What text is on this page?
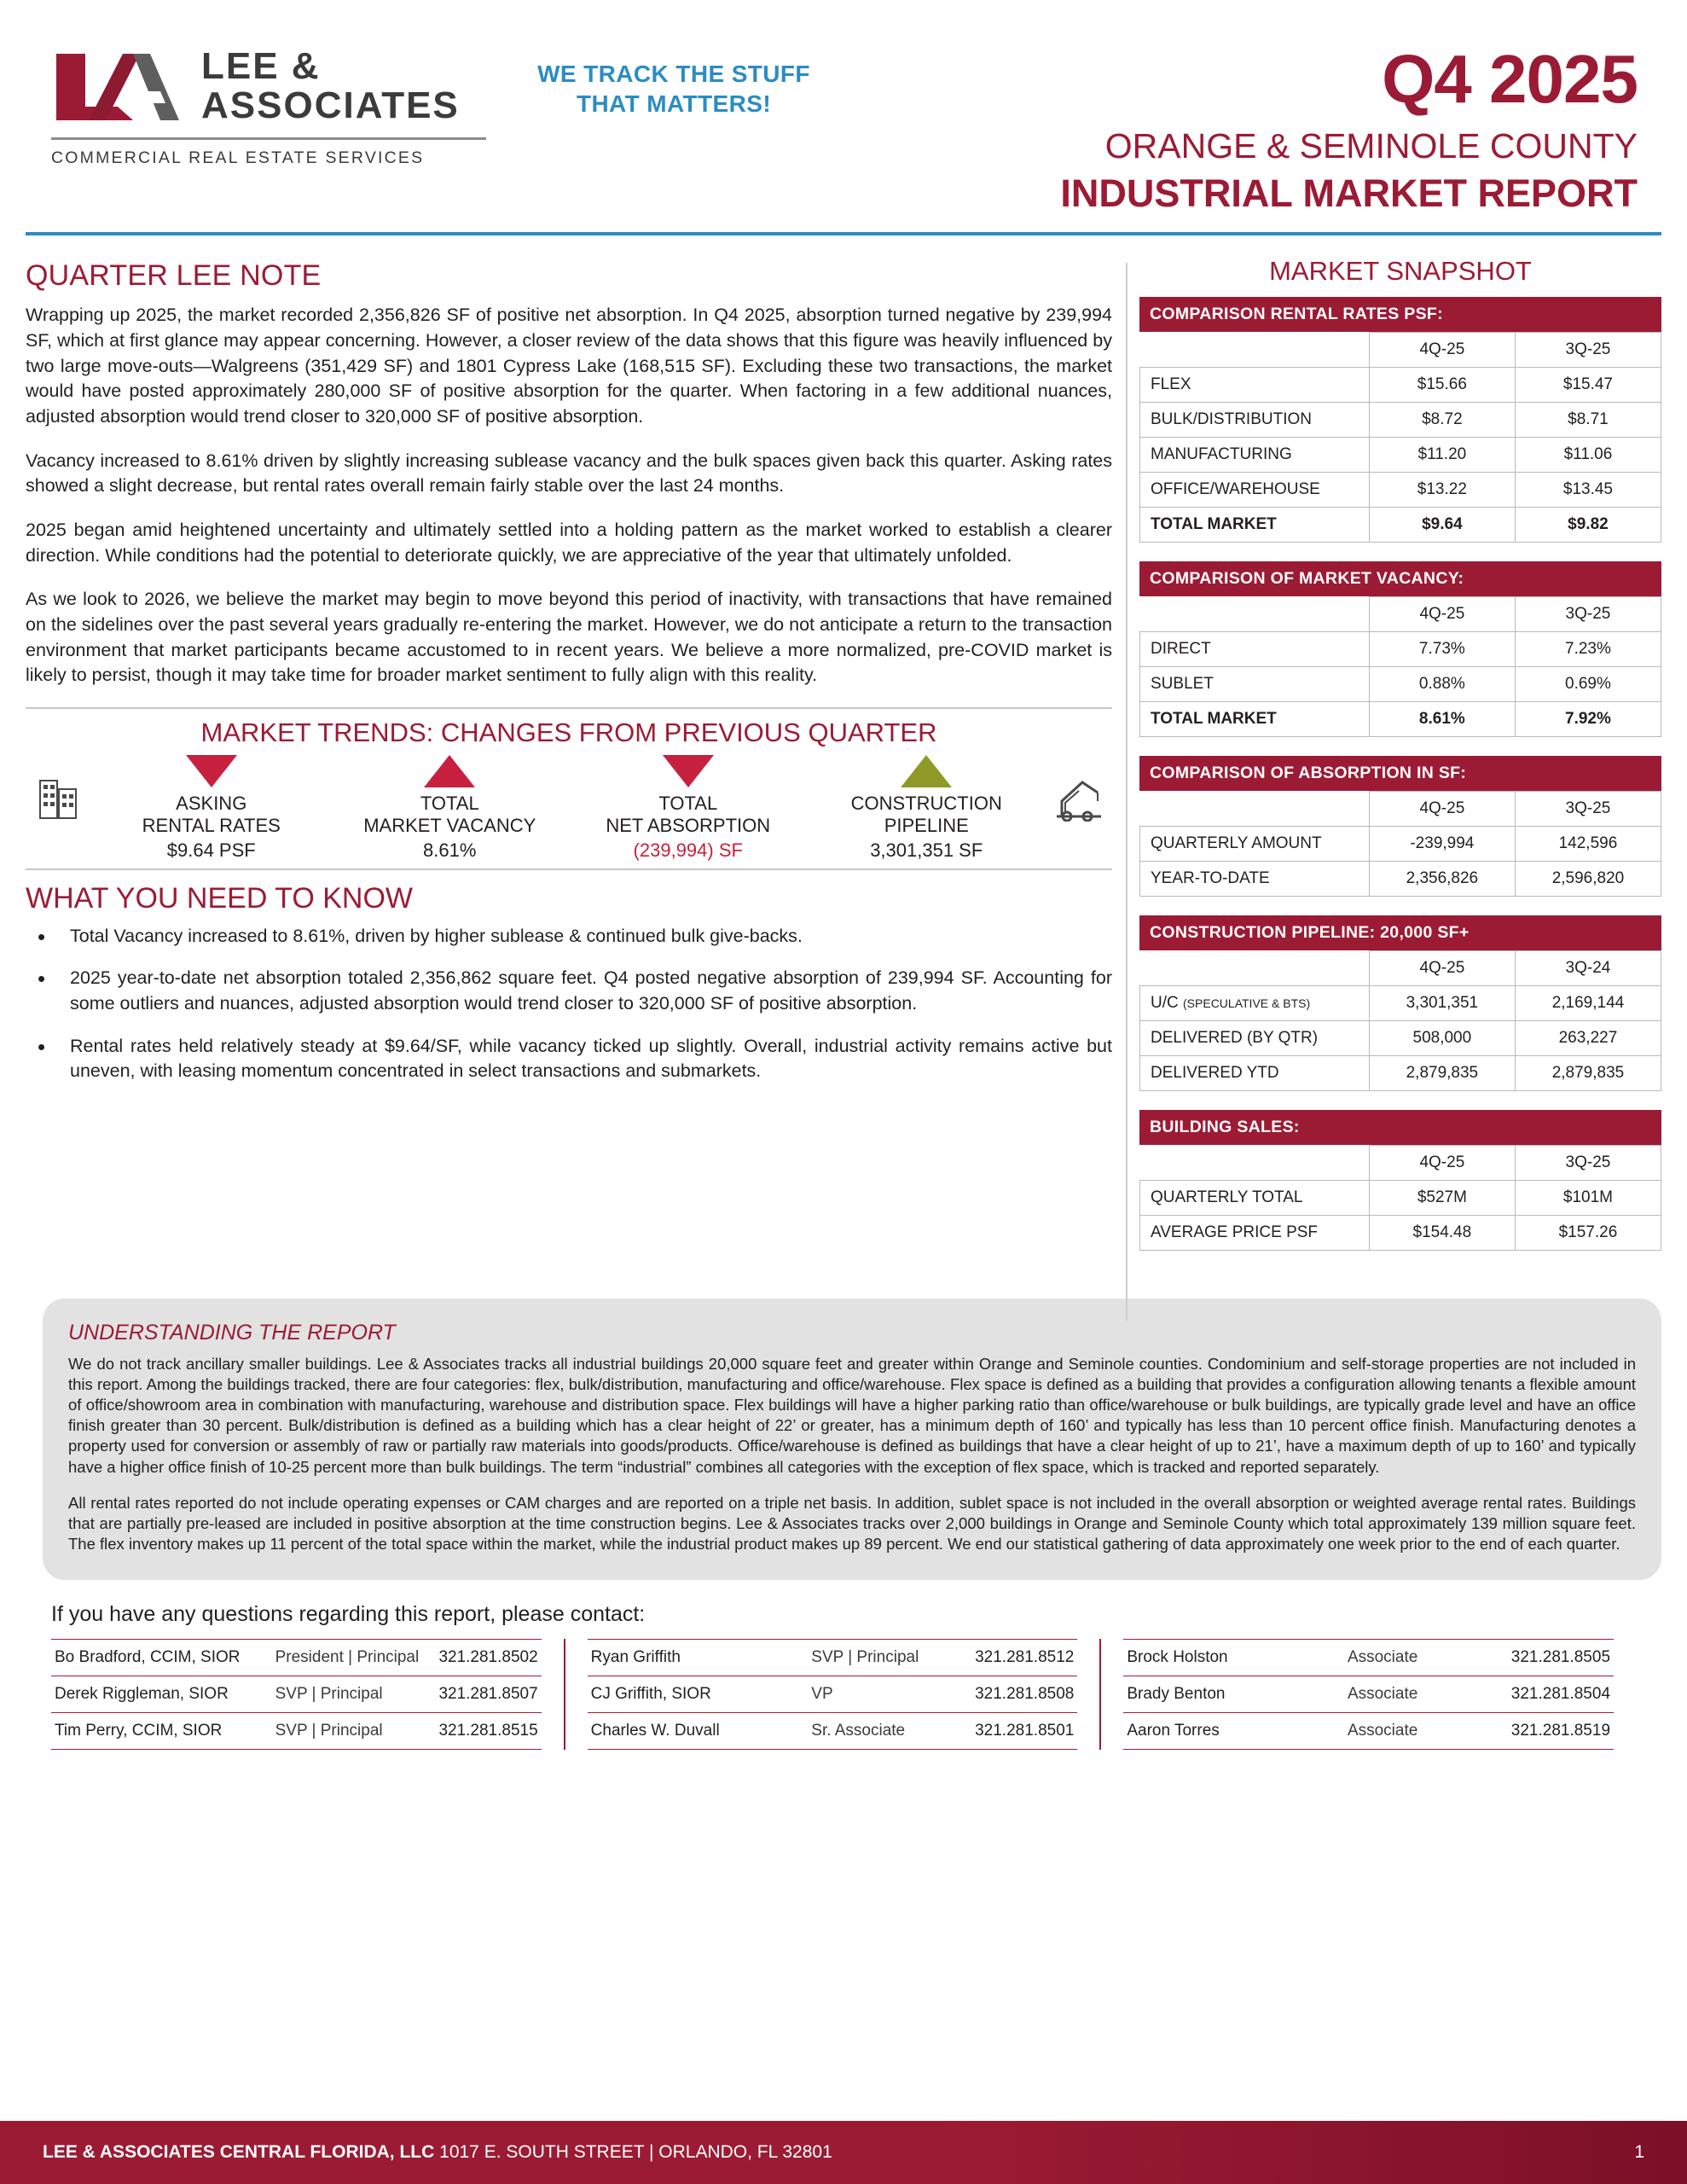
LEE &
ASSOCIATES
COMMERCIAL REAL ESTATE SERVICES
WE TRACK THE STUFF
THAT MATTERS!	Q4 2025
ORANGE & SEMINOLE COUNTY
INDUSTRIAL MARKET REPORT
QUARTER LEE NOTE

Wrapping up 2025, the market recorded 2,356,826 SF of positive net absorption. In Q4 2025, absorption turned negative by 239,994 SF, which at first glance may appear concerning. However, a closer review of the data shows that this figure was heavily influenced by two large move-outs—Walgreens (351,429 SF) and 1801 Cypress Lake (168,515 SF). Excluding these two transactions, the market would have posted approximately 280,000 SF of positive absorption for the quarter. When factoring in a few additional nuances, adjusted absorption would trend closer to 320,000 SF of positive absorption.

Vacancy increased to 8.61% driven by slightly increasing sublease vacancy and the bulk spaces given back this quarter. Asking rates showed a slight decrease, but rental rates overall remain fairly stable over the last 24 months.

2025 began amid heightened uncertainty and ultimately settled into a holding pattern as the market worked to establish a clearer direction. While conditions had the potential to deteriorate quickly, we are appreciative of the year that ultimately unfolded.

As we look to 2026, we believe the market may begin to move beyond this period of inactivity, with transactions that have remained on the sidelines over the past several years gradually re-entering the market. However, we do not anticipate a return to the transaction environment that market participants became accustomed to in recent years. We believe a more normalized, pre-COVID market is likely to persist, though it may take time for broader market sentiment to fully align with this reality.

MARKET TRENDS: CHANGES FROM PREVIOUS QUARTER
ASKING
RENTAL RATES
$9.64 PSF
TOTAL
MARKET VACANCY
8.61%
TOTAL
NET ABSORPTION
(239,994) SF
CONSTRUCTION
PIPELINE
3,301,351 SF
WHAT YOU NEED TO KNOW
• Total Vacancy increased to 8.61%, driven by higher sublease & continued bulk give-backs.
• 2025 year-to-date net absorption totaled 2,356,862 square feet. Q4 posted negative absorption of 239,994 SF. Accounting for some outliers and nuances, adjusted absorption would trend closer to 320,000 SF of positive absorption.
• Rental rates held relatively steady at $9.64/SF, while vacancy ticked up slightly. Overall, industrial activity remains active but uneven, with leasing momentum concentrated in select transactions and submarkets.
MARKET SNAPSHOT
COMPARISON RENTAL RATES PSF:
	4Q-25	3Q-25
FLEX	$15.66	$15.47
BULK/DISTRIBUTION	$8.72	$8.71
MANUFACTURING	$11.20	$11.06
OFFICE/WAREHOUSE	$13.22	$13.45
TOTAL MARKET	$9.64	$9.82
COMPARISON OF MARKET VACANCY:
	4Q-25	3Q-25
DIRECT	7.73%	7.23%
SUBLET	0.88%	0.69%
TOTAL MARKET	8.61%	7.92%
COMPARISON OF ABSORPTION IN SF:
	4Q-25	3Q-25
QUARTERLY AMOUNT	-239,994	142,596
YEAR-TO-DATE	2,356,826	2,596,820
CONSTRUCTION PIPELINE: 20,000 SF+
	4Q-25	3Q-24
U/C (SPECULATIVE & BTS)	3,301,351	2,169,144
DELIVERED (BY QTR)	508,000	263,227
DELIVERED YTD	2,879,835	2,879,835
BUILDING SALES:
	4Q-25	3Q-25
QUARTERLY TOTAL	$527M	$101M
AVERAGE PRICE PSF	$154.48	$157.26
UNDERSTANDING THE REPORT

We do not track ancillary smaller buildings. Lee & Associates tracks all industrial buildings 20,000 square feet and greater within Orange and Seminole counties. Condominium and self-storage properties are not included in this report. Among the buildings tracked, there are four categories: flex, bulk/distribution, manufacturing and office/warehouse. Flex space is defined as a building that provides a configuration allowing tenants a flexible amount of office/showroom area in combination with manufacturing, warehouse and distribution space. Flex buildings will have a higher parking ratio than office/warehouse or bulk buildings, are typically grade level and have an office finish greater than 30 percent. Bulk/distribution is defined as a building which has a clear height of 22’ or greater, has a minimum depth of 160’ and typically has less than 10 percent office finish. Manufacturing denotes a property used for conversion or assembly of raw or partially raw materials into goods/products. Office/warehouse is defined as buildings that have a clear height of up to 21’, have a maximum depth of up to 160’ and typically have a higher office finish of 10-25 percent more than bulk buildings. The term “industrial” combines all categories with the exception of flex space, which is tracked and reported separately.

All rental rates reported do not include operating expenses or CAM charges and are reported on a triple net basis. In addition, sublet space is not included in the overall absorption or weighted average rental rates. Buildings that are partially pre-leased are included in positive absorption at the time construction begins. Lee & Associates tracks over 2,000 buildings in Orange and Seminole County which total approximately 139 million square feet. The flex inventory makes up 11 percent of the total space within the market, while the industrial product makes up 89 percent. We end our statistical gathering of data approximately one week prior to the end of each quarter.

If you have any questions regarding this report, please contact:
Bo Bradford, CCIM, SIOR	President | Principal	321.281.8502
Derek Riggleman, SIOR	SVP | Principal	321.281.8507
Tim Perry, CCIM, SIOR	SVP | Principal	321.281.8515
Ryan Griffith	SVP | Principal	321.281.8512
CJ Griffith, SIOR	VP	321.281.8508
Charles W. Duvall	Sr. Associate	321.281.8501
Brock Holston	Associate	321.281.8505
Brady Benton	Associate	321.281.8504
Aaron Torres	Associate	321.281.8519
LEE & ASSOCIATES CENTRAL FLORIDA, LLC 1017 E. SOUTH STREET | ORLANDO, FL 32801	1
